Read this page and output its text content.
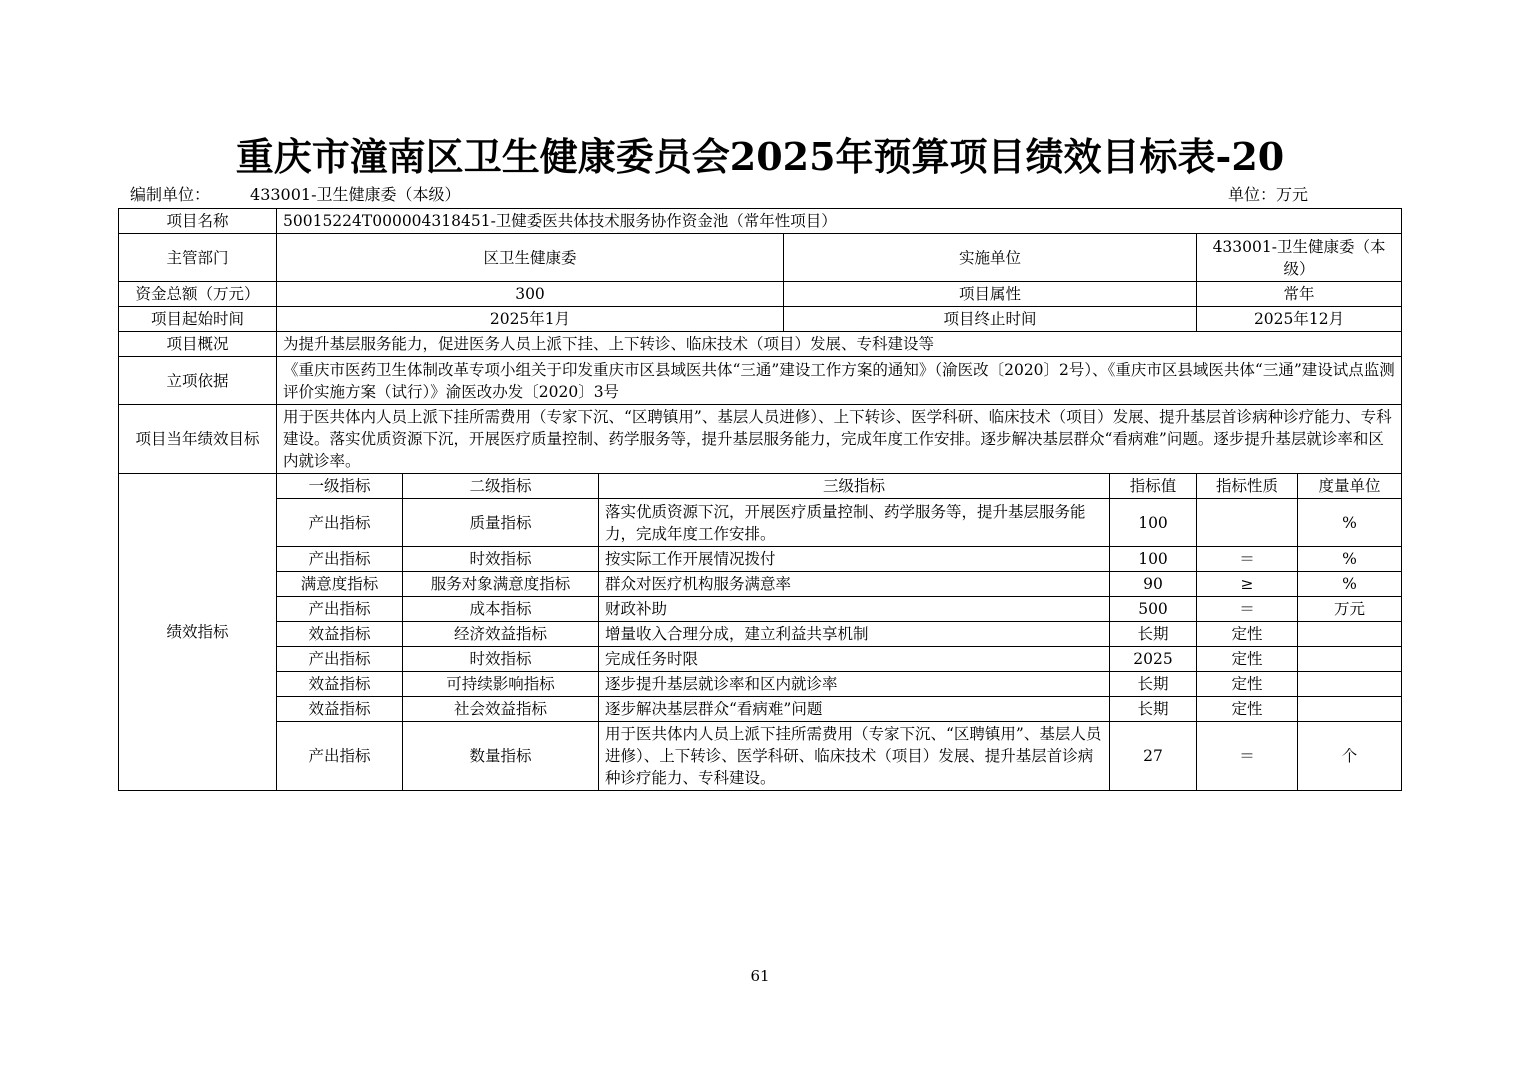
重庆市潼南区卫生健康委员会2025年预算项目绩效目标表-20
编制单位：	433001-卫生健康委（本级）	单位：万元
项目名称	50015224T000004318451-卫健委医共体技术服务协作资金池（常年性项目）						
主管部门	区卫生健康委			实施单位		433001-卫生健康委（本级）	
资金总额（万元）	300			项目属性		常年	
项目起始时间	2025年1月			项目终止时间		2025年12月	
项目概况	为提升基层服务能力，促进医务人员上派下挂、上下转诊、临床技术（项目）发展、专科建设等						
立项依据	《重庆市医药卫生体制改革专项小组关于印发重庆市区县域医共体“三通”建设工作方案的通知》（渝医改〔2020〕2号）、《重庆市区县域医共体“三通”建设试点监测评价实施方案（试行）》渝医改办发〔2020〕3号						
项目当年绩效目标	用于医共体内人员上派下挂所需费用（专家下沉、“区聘镇用”、基层人员进修）、上下转诊、医学科研、临床技术（项目）发展、提升基层首诊病种诊疗能力、专科建设。落实优质资源下沉，开展医疗质量控制、药学服务等，提升基层服务能力，完成年度工作安排。逐步解决基层群众“看病难”问题。逐步提升基层就诊率和区内就诊率。						
绩效指标	一级指标	二级指标	三级指标		指标值	指标性质	度量单位
	产出指标	质量指标	落实优质资源下沉，开展医疗质量控制、药学服务等，提升基层服务能力，完成年度工作安排。		100		%
	产出指标	时效指标	按实际工作开展情况拨付		100	＝	%
	满意度指标	服务对象满意度指标	群众对医疗机构服务满意率		90	≥	%
	产出指标	成本指标	财政补助		500	＝	万元
	效益指标	经济效益指标	增量收入合理分成，建立利益共享机制		长期	定性	
	产出指标	时效指标	完成任务时限		2025	定性	
	效益指标	可持续影响指标	逐步提升基层就诊率和区内就诊率		长期	定性	
	效益指标	社会效益指标	逐步解决基层群众“看病难”问题		长期	定性	
	产出指标	数量指标	用于医共体内人员上派下挂所需费用（专家下沉、“区聘镇用”、基层人员进修）、上下转诊、医学科研、临床技术（项目）发展、提升基层首诊病种诊疗能力、专科建设。		27	＝	个
61
